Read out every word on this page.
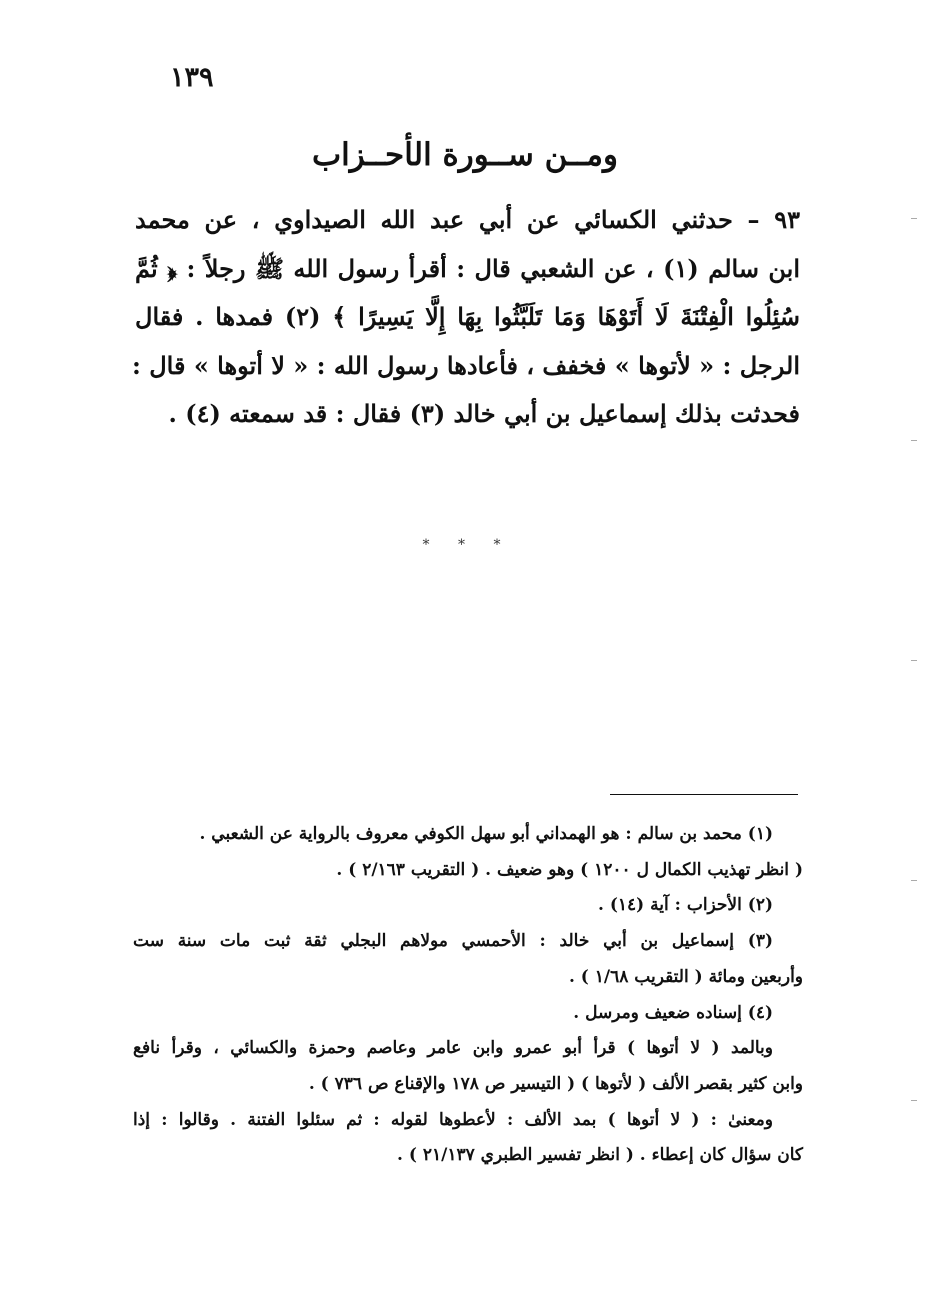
١٣٩
ومــن ســورة الأحــزاب
٩٣ – حدثني الكسائي عن أبي عبد الله الصيداوي ، عن محمد
ابن سالم (١) ، عن الشعبي قال : أقرأ رسول الله ﷺ رجلاً : ﴿ ثُمَّ
سُئِلُوا الْفِتْنَةَ لَا أَتَوْهَا وَمَا تَلَبَّثُوا بِهَا إِلَّا يَسِيرًا ﴾ (٢) فمدها . فقال
الرجل : « لأتوها » فخفف ، فأعادها رسول الله : « لا أتوها » قال :
فحدثت بذلك إسماعيل بن أبي خالد (٣) فقال : قد سمعته (٤) .
* * *
(١) محمد بن سالم : هو الهمداني أبو سهل الكوفي معروف بالرواية عن الشعبي .
( انظر تهذيب الكمال ل ١٢٠٠ ) وهو ضعيف . ( التقريب ٢/١٦٣ ) .
(٢) الأحزاب : آية (١٤) .
(٣) إسماعيل بن أبي خالد : الأحمسي مولاهم البجلي ثقة ثبت مات سنة ست
وأربعين ومائة ( التقريب ١/٦٨ ) .
(٤) إسناده ضعيف ومرسل .
وبالمد ( لا أتوها ) قرأ أبو عمرو وابن عامر وعاصم وحمزة والكسائي ، وقرأ نافع
وابن كثير بقصر الألف ( لأتوها ) ( التيسير ص ١٧٨ والإقناع ص ٧٣٦ ) .
ومعنىٰ : ( لا أتوها ) بمد الألف : لأعطوها لقوله : ثم سئلوا الفتنة . وقالوا : إذا
كان سؤال كان إعطاء . ( انظر تفسير الطبري ٢١/١٣٧ ) .
